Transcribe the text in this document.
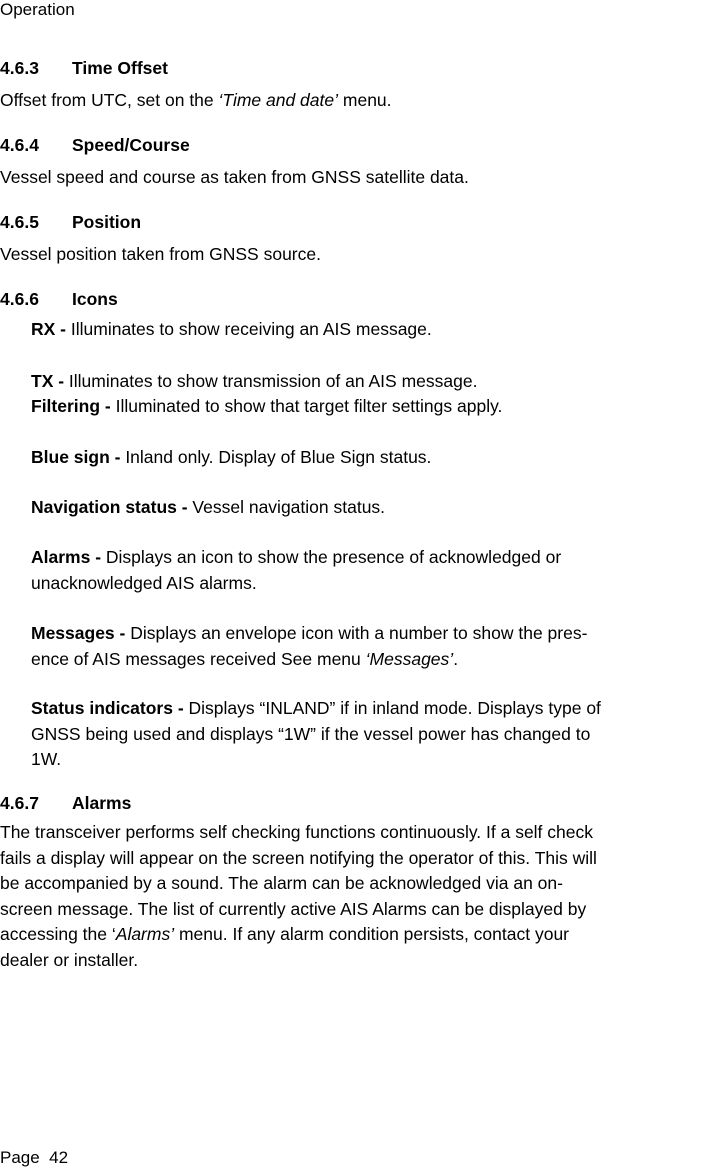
Operation
4.6.3 Time Offset
Offset from UTC, set on the ‘Time and date’ menu.
4.6.4 Speed/Course
Vessel speed and course as taken from GNSS satellite data.
4.6.5 Position
Vessel position taken from GNSS source.
4.6.6 Icons
RX - Illuminates to show receiving an AIS message.
TX - Illuminates to show transmission of an AIS message.
Filtering - Illuminated to show that target filter settings apply.
Blue sign - Inland only. Display of Blue Sign status.
Navigation status - Vessel navigation status.
Alarms - Displays an icon to show the presence of acknowledged or
unacknowledged AIS alarms.
Messages - Displays an envelope icon with a number to show the pres-
ence of AIS messages received See menu ‘Messages’.
Status indicators - Displays “INLAND” if in inland mode. Displays type of
GNSS being used and displays “1W” if the vessel power has changed to
1W.
4.6.7 Alarms
The transceiver performs self checking functions continuously. If a self check
fails a display will appear on the screen notifying the operator of this. This will
be accompanied by a sound. The alarm can be acknowledged via an on-
screen message. The list of currently active AIS Alarms can be displayed by
accessing the ‘Alarms’ menu. If any alarm condition persists, contact your
dealer or installer.
Page  42
